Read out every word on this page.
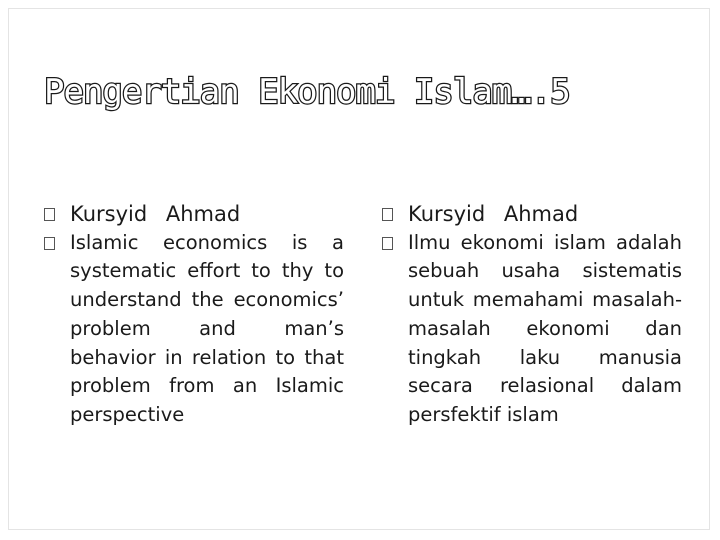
Pengertian Ekonomi Islam….5
Kursyid Ahmad
Islamic economics is a systematic effort to thy to understand the economics’ problem and man’s behavior in relation to that problem from an Islamic perspective
Kursyid Ahmad
Ilmu ekonomi islam adalah sebuah usaha sistematis untuk memahami masalah-masalah ekonomi dan tingkah laku manusia secara relasional dalam persfektif islam
